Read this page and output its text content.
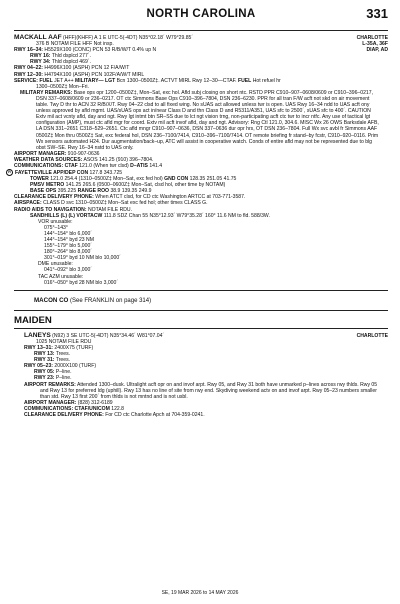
NORTH CAROLINA	331
CHARLOTTE
L-35A, 36F
DIAP, AD
MACKALL AAF (HFF)(KHFF) A 1 E UTC-5(-4DT) N35°02.18´ W79°29.85´
376 B NOTAM FILE HFF Not insp.
RWY 16–34: H5529X100 (CONC) PCN 53 R/B/W/T 0.4% up N
RWY 16: Thld dsplcd 277´.
RWY 34: Thld dsplcd 469´.
RWY 04–22: H4996X100 (ASPH) PCN 12 F/A/W/T
RWY 12–30: H4794X100 (ASPH) PCN 102F/A/W/T MIRL
SERVICE: FUEL JET A++ MILITARY— LGT Bcn 1300–0500Z‡. ACTVT MIRL Rwy 12–30—CTAF. FUEL Hot refuel hr
1300–0500Z‡ Mon–Fri.
MILITARY REMARKS: Base ops opr 1200–0500Z‡, Mon–Sat, exc hol. Afld subj closing on short ntc. RSTD PPR C910–907–0608/0609 or C910–396–0217, DSN 337–0608/0609 or 236–0217. OT ctc Simmons Base Ops C910–396–7804, DSN 236–6230. PPR for all tran F/W acft not skd on air movement table. Twy D thr to ACN 32 R/B/X/T. Rwy 04–22 clsd to all fixed wing. No sUAS act allowed unless twr is open. UAS Rwy 16–34 ndd to UAS acft ony unless approved by afld mgmt. UAS/sUAS ops act in/near Class D and thn Class D and R5311/A351, UAS sfc to 2500´, sUAS sfc to 400´. CAUTION Extv mil act vcnty afld, day and ngt. Rwy lgt intmt btn SR–SS due to lct ngt vision trng, non-participating acft ctc twr to incr ntfc. Any use of tactical lgt configuration (AMP), must ctc afld mgr for coord. Extv mil acft invof afld, day and ngt. Advisory: Rng Ctl 121.0, 304.6. MISC Wx 26 OWS Barksdale AFB, LA DSN 331–2651 C318–529–2651. Ctc afld mngr C910–907–0636, DSN 337–0636 dur opr hrs, OT DSN 236–7804. Full Wx svc avbl fr Simmons AAF 0500Z‡ Mon thru 0500Z‡ Sat, exc federal hol, DSN 236–7100/7414, C910–396–7100/7414. OT remote briefing fr stand–by fcstr, C910–920–0116. Prim Wx sensors automated H24. Dur augmentation/back–up, ATC will assist in cooperative watch. Conds of entire afld may not be represented due to blg obst SW–SE. Rwy 16–34 nstd to UAS only.
AIRPORT MANAGER: 910-907-0636
WEATHER DATA SOURCES: ASOS 141.25 (910) 396–7804.
COMMUNICATIONS: CTAF 121.0 (When twr clsd) D–ATIS 141.4
R FAYETTEVILLE APP/DEP CON 127.8 343.725
TOWER 121.0 254.4 (1310–0500Z‡ Mon–Sat, exc fed hol) GND CON 128.35 251.05 41.75
PMSV METRO 141.25 265.6 (0500–0600Z‡ Mon–Sat, clsd hol, other time by NOTAM)
BASE OPS 395.225 RANGE ROO 38.9 139.35 249.9
CLEARANCE DELIVERY PHONE: When ATCT clsd, for CD ctc Washington ARTCC at 703-771-3587.
AIRSPACE: CLASS D svc 1310–0500Z‡ Mon–Sat exc fed hol; other times CLASS G.
RADIO AIDS TO NAVIGATION: NOTAM FILE RDU.
SANDHILLS (L) (L) VORTACW 111.8 SDZ Chan 55 N35°12.93´ W79°35.28´ 160° 11.6 NM to fld. 588/3W.
VOR unusable:
075°–143°
144°–154° blo 6,000´
144°–154° byd 23 NM
155°–179° blo 5,000´
180°–264° blo 8,000´
301°–019° byd 10 NM blo 10,000´
DME unusable:
041°–092° blo 3,000´
TAC AZM unusable:
016°–050° byd 28 NM blo 3,000´
MACON CO (See FRANKLIN on page 314)
MAIDEN
CHARLOTTE
LANEYS (N92) 3 SE UTC-5(-4DT) N35°34.46´ W81°07.04´
1025 NOTAM FILE RDU
RWY 13–31: 2400X75 (TURF)
RWY 13: Trees.
RWY 31: Trees.
RWY 05–23: 2000X100 (TURF)
RWY 05: P–line.
RWY 23: P–line.
AIRPORT REMARKS: Attended 1300–dusk. Ultralight acft opr on and invof arpt. Rwy 05, and Rwy 31 both have unmarked p–lines across rwy thlds. Rwy 05 and Rwy 13 for preferred ldg (uphill). Rwy 13 has no line of site from rwy end. Skydiving weekend actv on and invof arpt. Rwy 05–23 numbers smaller than std. Rwy 13 first 200´ from thlds is not mntnd and is not usbl.
AIRPORT MANAGER: (828) 312-6189
COMMUNICATIONS: CTAF/UNICOM 122.8
CLEARANCE DELIVERY PHONE: For CD ctc Charlotte Apch at 704-359-0241.
SE, 19 MAR 2026 to 14 MAY 2026
